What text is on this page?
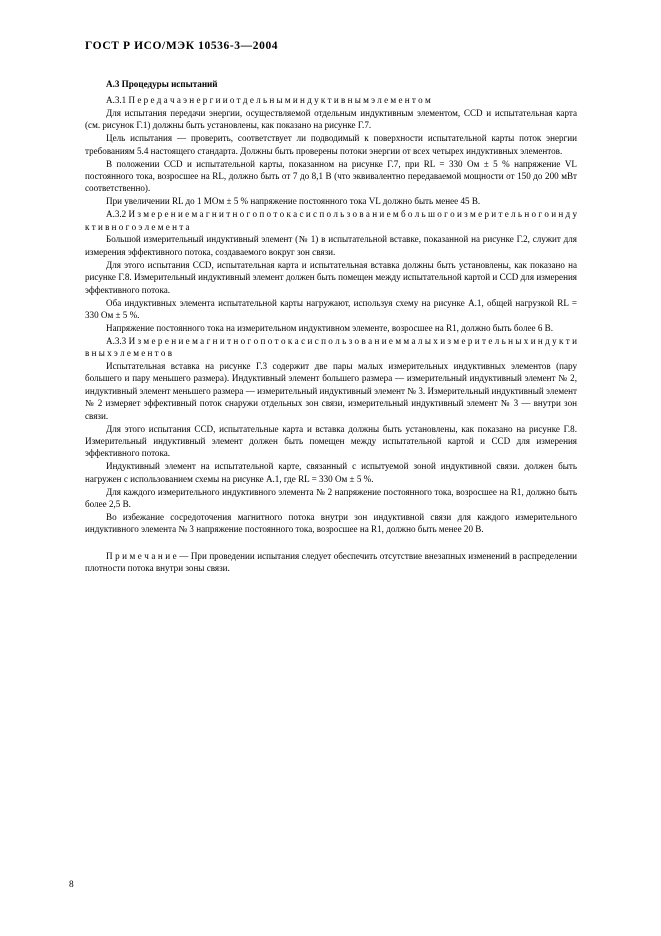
ГОСТ Р ИСО/МЭК 10536-3—2004
А.3 Процедуры испытаний

А.3.1 П е р е д а ч а э н е р г и и о т д е л ь н ы м и н д у к т и в н ы м э л е м е н т о м

Для испытания передачи энергии, осуществляемой отдельным индуктивным элементом, CCD и испытательная карта (см. рисунок Г.1) должны быть установлены, как показано на рисунке Г.7.

Цель испытания — проверить, соответствует ли подводимый к поверхности испытательной карты поток энергии требованиям 5.4 настоящего стандарта. Должны быть проверены потоки энергии от всех четырех индуктивных элементов.

В положении CCD и испытательной карты, показанном на рисунке Г.7, при RL = 330 Ом ± 5 % напряжение VL постоянного тока, возросшее на RL, должно быть от 7 до 8,1 В (что эквивалентно передаваемой мощности от 150 до 200 мВт соответственно).

При увеличении RL до 1 МОм ± 5 % напряжение постоянного тока VL должно быть менее 45 В.

А.3.2 И з м е р е н и е м а г н и т н о г о п о т о к а с и с п о л ь з о в а н и е м б о л ь ш о г о и з м е р и т е л ь н о г о и н д у к т и в н о г о э л е м е н т а

Большой измерительный индуктивный элемент (№ 1) в испытательной вставке, показанной на рисунке Г.2, служит для измерения эффективного потока, создаваемого вокруг зон связи.

Для этого испытания CCD, испытательная карта и испытательная вставка должны быть установлены, как показано на рисунке Г.8. Измерительный индуктивный элемент должен быть помещен между испытательной картой и CCD для измерения эффективного потока.

Оба индуктивных элемента испытательной карты нагружают, используя схему на рисунке А.1, общей нагрузкой RL = 330 Ом ± 5 %.

Напряжение постоянного тока на измерительном индуктивном элементе, возросшее на R1, должно быть более 6 В.

А.3.3 И з м е р е н и е м а г н и т н о г о п о т о к а с и с п о л ь з о в а н и е м м а л ы х и з м е р и т е л ь н ы х и н д у к т и в н ы х э л е м е н т о в

Испытательная вставка на рисунке Г.3 содержит две пары малых измерительных индуктивных элементов (пару большего и пару меньшего размера). Индуктивный элемент большего размера — измерительный индуктивный элемент № 2, индуктивный элемент меньшего размера — измерительный индуктивный элемент № 3. Измерительный индуктивный элемент № 2 измеряет эффективный поток снаружи отдельных зон связи, измерительный индуктивный элемент № 3 — внутри зон связи.

Для этого испытания CCD, испытательные карта и вставка должны быть установлены, как показано на рисунке Г.8. Измерительный индуктивный элемент должен быть помещен между испытательной картой и CCD для измерения эффективного потока.

Индуктивный элемент на испытательной карте, связанный с испытуемой зоной индуктивной связи. должен быть нагружен с использованием схемы на рисунке А.1, где RL = 330 Ом ± 5 %.

Для каждого измерительного индуктивного элемента № 2 напряжение постоянного тока, возросшее на R1, должно быть более 2,5 В.

Во избежание сосредоточения магнитного потока внутри зон индуктивной связи для каждого измерительного индуктивного элемента № 3 напряжение постоянного тока, возросшее на R1, должно быть менее 20 В.

П р и м е ч а н и е — При проведении испытания следует обеспечить отсутствие внезапных изменений в распределении плотности потока внутри зоны связи.

8
